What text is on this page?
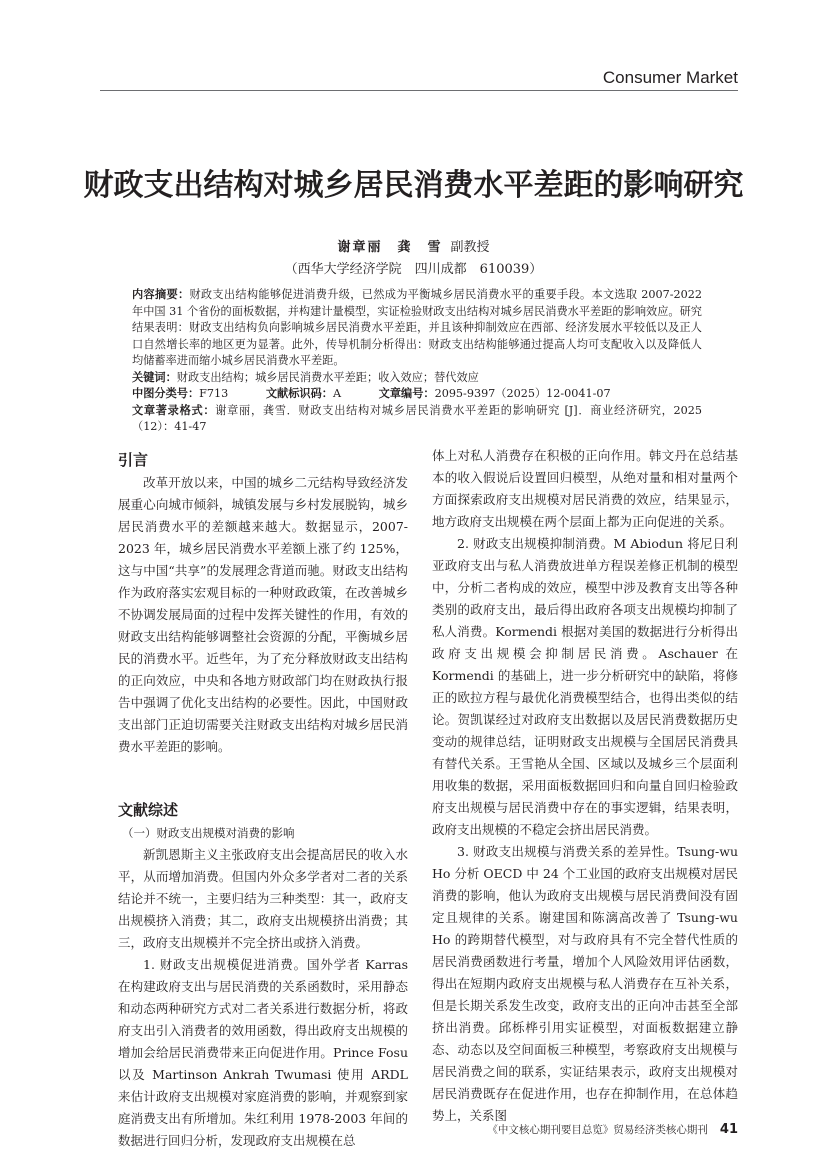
Consumer Market
财政支出结构对城乡居民消费水平差距的影响研究
谢章丽　龚　雪 副教授
（西华大学经济学院　四川成都　610039）
内容摘要：财政支出结构能够促进消费升级，已然成为平衡城乡居民消费水平的重要手段。本文选取 2007-2022 年中国 31 个省份的面板数据，并构建计量模型，实证检验财政支出结构对城乡居民消费水平差距的影响效应。研究结果表明：财政支出结构负向影响城乡居民消费水平差距，并且该种抑制效应在西部、经济发展水平较低以及正人口自然增长率的地区更为显著。此外，传导机制分析得出：财政支出结构能够通过提高人均可支配收入以及降低人均储蓄率进而缩小城乡居民消费水平差距。
关键词：财政支出结构；城乡居民消费水平差距；收入效应；替代效应
中图分类号：F713	文献标识码：A	文章编号：2095-9397（2025）12-0041-07
文章著录格式：谢章丽，龚雪．财政支出结构对城乡居民消费水平差距的影响研究 [J]．商业经济研究，2025（12）：41-47
引言

改革开放以来，中国的城乡二元结构导致经济发展重心向城市倾斜，城镇发展与乡村发展脱钩，城乡居民消费水平的差额越来越大。数据显示，2007-2023 年，城乡居民消费水平差额上涨了约 125%，这与中国“共享”的发展理念背道而驰。财政支出结构作为政府落实宏观目标的一种财政政策，在改善城乡不协调发展局面的过程中发挥关键性的作用，有效的财政支出结构能够调整社会资源的分配，平衡城乡居民的消费水平。近些年，为了充分释放财政支出结构的正向效应，中央和各地方财政部门均在财政执行报告中强调了优化支出结构的必要性。因此，中国财政支出部门正迫切需要关注财政支出结构对城乡居民消费水平差距的影响。

文献综述
（一）财政支出规模对消费的影响

新凯恩斯主义主张政府支出会提高居民的收入水平，从而增加消费。但国内外众多学者对二者的关系结论并不统一，主要归结为三种类型：其一，政府支出规模挤入消费；其二，政府支出规模挤出消费；其三，政府支出规模并不完全挤出或挤入消费。

1. 财政支出规模促进消费。国外学者 Karras 在构建政府支出与居民消费的关系函数时，采用静态和动态两种研究方式对二者关系进行数据分析，将政府支出引入消费者的效用函数，得出政府支出规模的增加会给居民消费带来正向促进作用。Prince Fosu 以及 Martinson Ankrah Twumasi 使用 ARDL 来估计政府支出规模对家庭消费的影响，并观察到家庭消费支出有所增加。朱红利用 1978-2003 年间的数据进行回归分析，发现政府支出规模在总

体上对私人消费存在积极的正向作用。韩文丹在总结基本的收入假说后设置回归模型，从绝对量和相对量两个方面探索政府支出规模对居民消费的效应，结果显示，地方政府支出规模在两个层面上都为正向促进的关系。

2. 财政支出规模抑制消费。M Abiodun 将尼日利亚政府支出与私人消费放进单方程误差修正机制的模型中，分析二者构成的效应，模型中涉及教育支出等各种类别的政府支出，最后得出政府各项支出规模均抑制了私人消费。Kormendi 根据对美国的数据进行分析得出政府支出规模会抑制居民消费。Aschauer 在 Kormendi 的基础上，进一步分析研究中的缺陷，将修正的欧拉方程与最优化消费模型结合，也得出类似的结论。贺凯谋经过对政府支出数据以及居民消费数据历史变动的规律总结，证明财政支出规模与全国居民消费具有替代关系。王雪艳从全国、区域以及城乡三个层面利用收集的数据，采用面板数据回归和向量自回归检验政府支出规模与居民消费中存在的事实逻辑，结果表明，政府支出规模的不稳定会挤出居民消费。

3. 财政支出规模与消费关系的差异性。Tsung-wu Ho 分析 OECD 中 24 个工业国的政府支出规模对居民消费的影响，他认为政府支出规模与居民消费间没有固定且规律的关系。谢建国和陈漓高改善了 Tsung-wu Ho 的跨期替代模型，对与政府具有不完全替代性质的居民消费函数进行考量，增加个人风险效用评估函数，得出在短期内政府支出规模与私人消费存在互补关系，但是长期关系发生改变，政府支出的正向冲击甚至全部挤出消费。邱栎桦引用实证模型，对面板数据建立静态、动态以及空间面板三种模型，考察政府支出规模与居民消费之间的联系，实证结果表示，政府支出规模对居民消费既存在促进作用，也存在抑制作用，在总体趋势上，关系图

《中文核心期刊要目总览》贸易经济类核心期刊 41
